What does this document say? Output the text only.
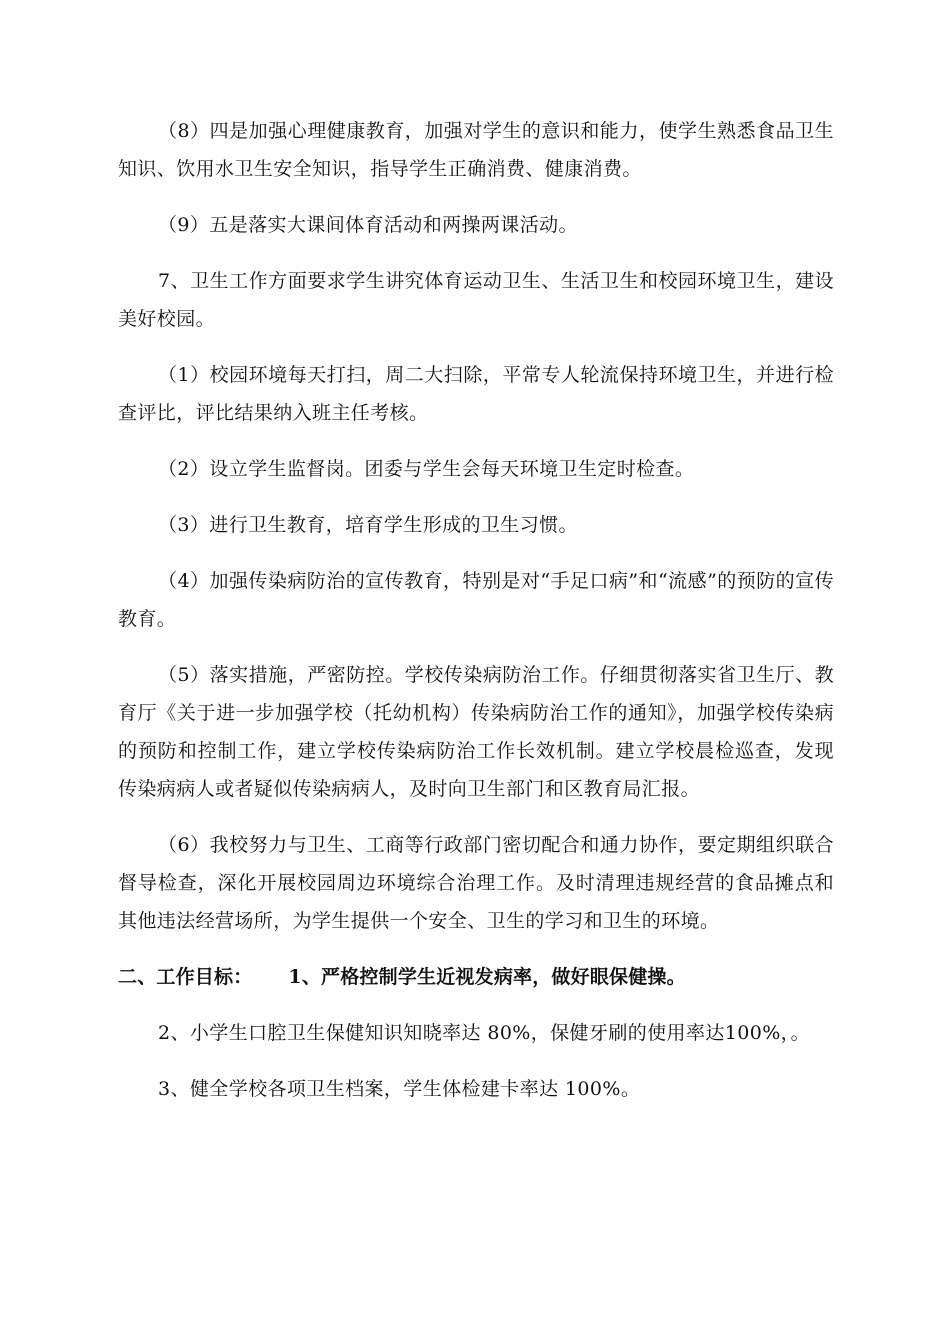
（8）四是加强心理健康教育，加强对学生的意识和能力，使学生熟悉食品卫生知识、饮用水卫生安全知识，指导学生正确消费、健康消费。

（9）五是落实大课间体育活动和两操两课活动。

7、卫生工作方面要求学生讲究体育运动卫生、生活卫生和校园环境卫生，建设美好校园。

（1）校园环境每天打扫，周二大扫除，平常专人轮流保持环境卫生，并进行检查评比，评比结果纳入班主任考核。

（2）设立学生监督岗。团委与学生会每天环境卫生定时检查。

（3）进行卫生教育，培育学生形成的卫生习惯。

（4）加强传染病防治的宣传教育，特别是对“手足口病”和“流感”的预防的宣传教育。

（5）落实措施，严密防控。学校传染病防治工作。仔细贯彻落实省卫生厅、教育厅《关于进一步加强学校（托幼机构）传染病防治工作的通知》，加强学校传染病的预防和控制工作，建立学校传染病防治工作长效机制。建立学校晨检巡查，发现传染病病人或者疑似传染病病人，及时向卫生部门和区教育局汇报。

（6）我校努力与卫生、工商等行政部门密切配合和通力协作，要定期组织联合督导检查，深化开展校园周边环境综合治理工作。及时清理违规经营的食品摊点和其他违法经营场所，为学生提供一个安全、卫生的学习和卫生的环境。

二、工作目标： 1、严格控制学生近视发病率，做好眼保健操。

2、小学生口腔卫生保健知识知晓率达 80%，保健牙刷的使用率达100%，。

3、健全学校各项卫生档案，学生体检建卡率达 100%。
